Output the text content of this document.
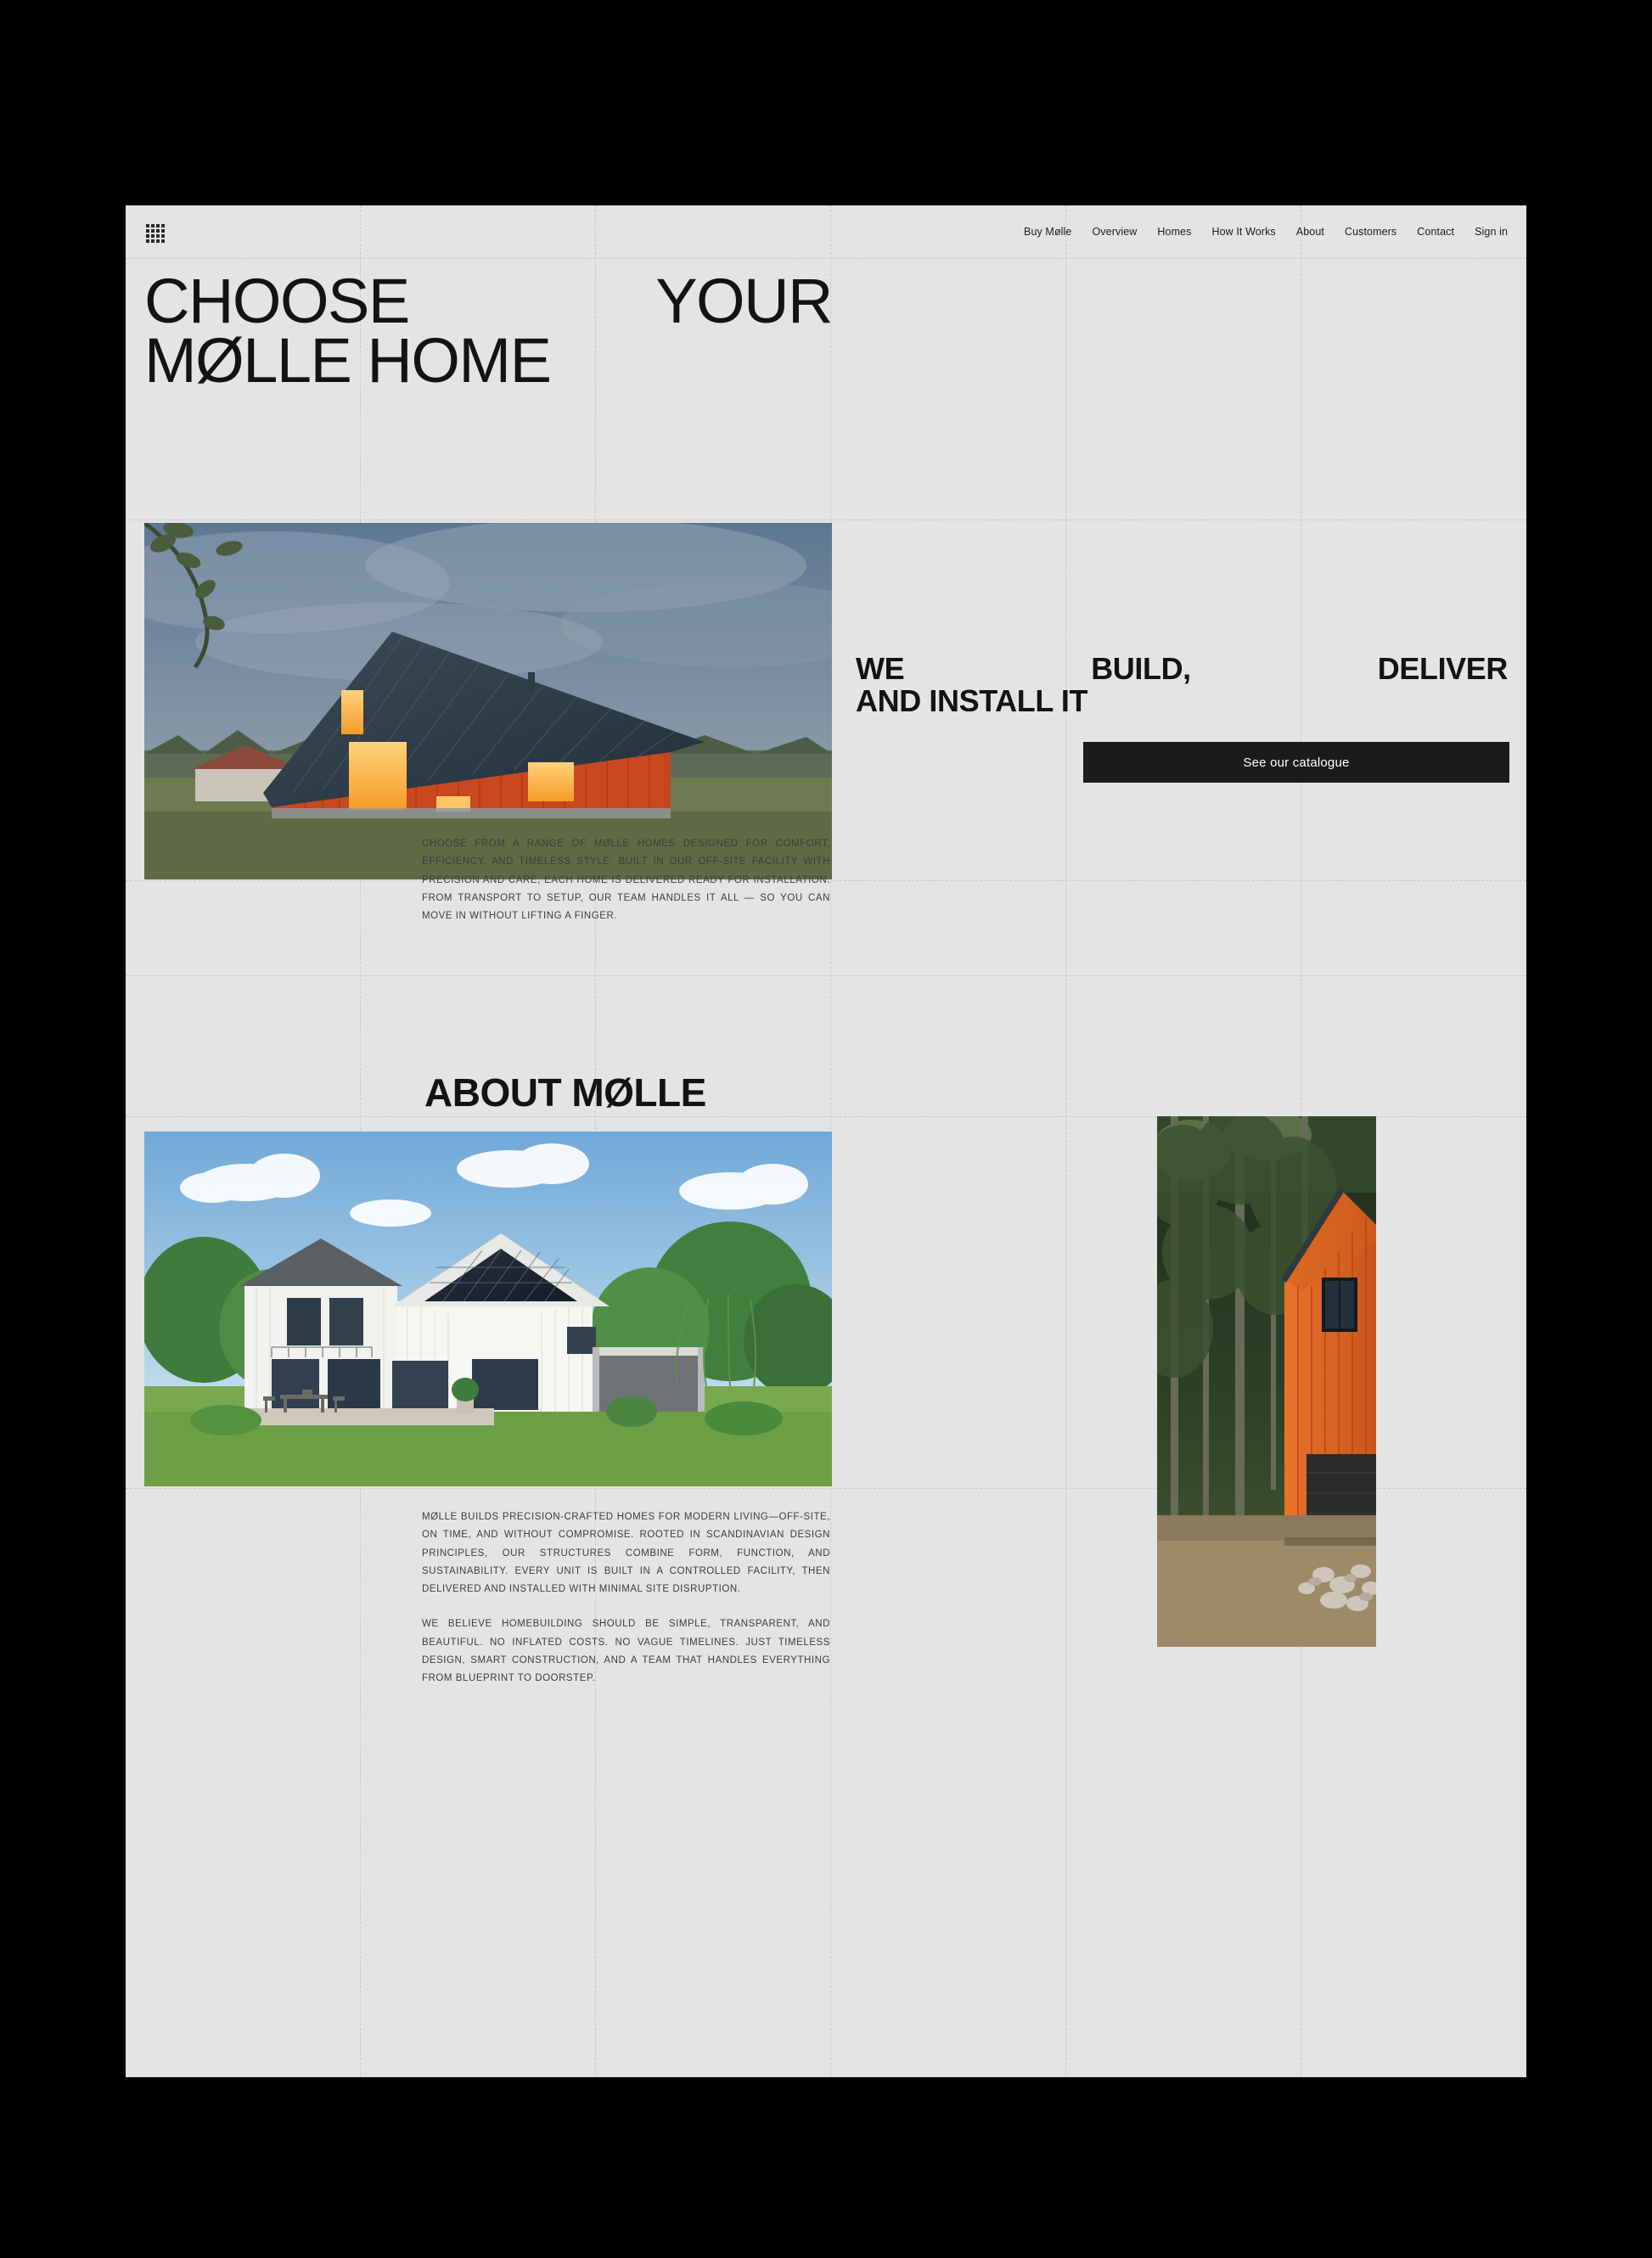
Buy Mølle Overview Homes How It Works About Customers Contact Sign in
CHOOSE	YOUR
MØLLE HOME
WE	BUILD,	DELIVER
AND INSTALL IT
See our catalogue

CHOOSE FROM A RANGE OF MØLLE HOMES DESIGNED FOR COMFORT, EFFICIENCY, AND TIMELESS STYLE. BUILT IN OUR OFF-SITE FACILITY WITH PRECISION AND CARE, EACH HOME IS DELIVERED READY FOR INSTALLATION. FROM TRANSPORT TO SETUP, OUR TEAM HANDLES IT ALL — SO YOU CAN MOVE IN WITHOUT LIFTING A FINGER.

ABOUT MØLLE

MØLLE BUILDS PRECISION-CRAFTED HOMES FOR MODERN LIVING—OFF-SITE, ON TIME, AND WITHOUT COMPROMISE. ROOTED IN SCANDINAVIAN DESIGN PRINCIPLES, OUR STRUCTURES COMBINE FORM, FUNCTION, AND SUSTAINABILITY. EVERY UNIT IS BUILT IN A CONTROLLED FACILITY, THEN DELIVERED AND INSTALLED WITH MINIMAL SITE DISRUPTION.

WE BELIEVE HOMEBUILDING SHOULD BE SIMPLE, TRANSPARENT, AND BEAUTIFUL. NO INFLATED COSTS. NO VAGUE TIMELINES. JUST TIMELESS DESIGN, SMART CONSTRUCTION, AND A TEAM THAT HANDLES EVERYTHING FROM BLUEPRINT TO DOORSTEP.
